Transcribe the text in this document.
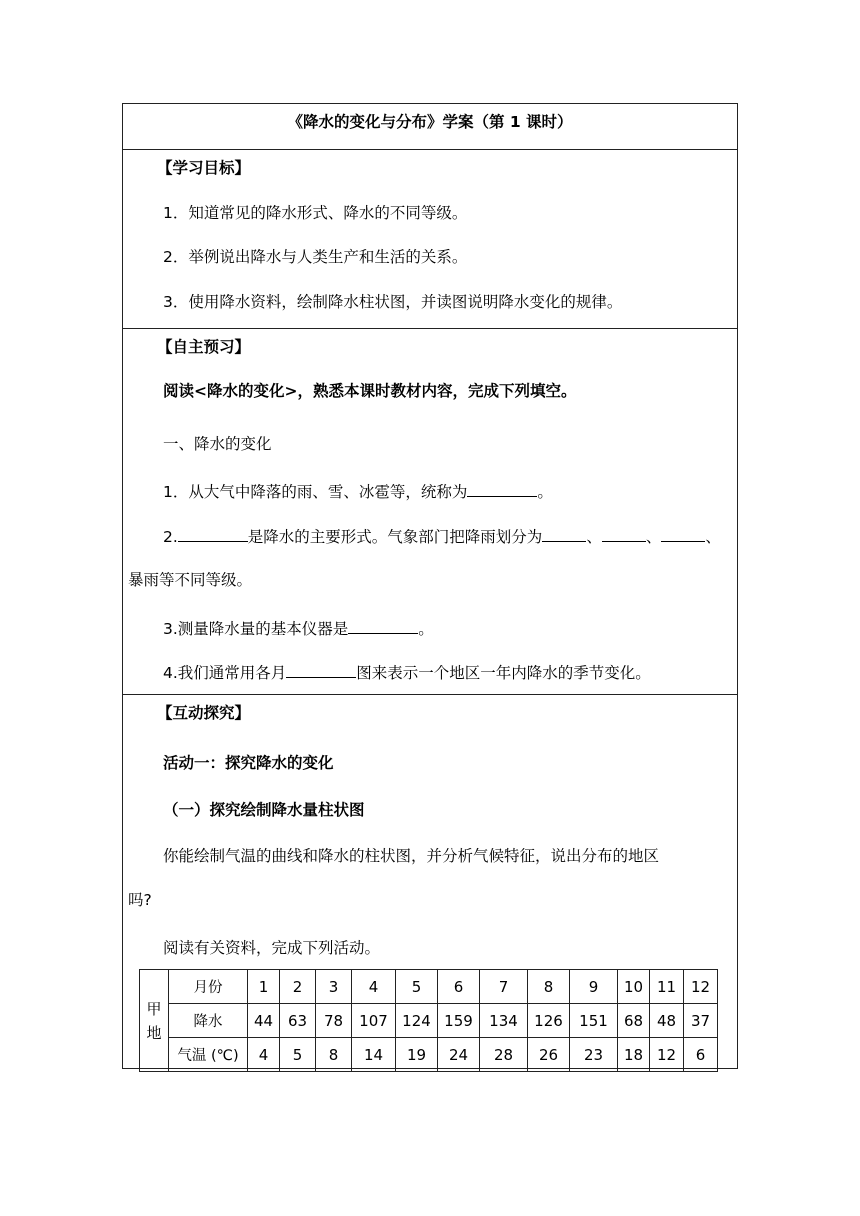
《降水的变化与分布》学案（第 1 课时）
【学习目标】
1．知道常见的降水形式、降水的不同等级。
2．举例说出降水与人类生产和生活的关系。
3．使用降水资料，绘制降水柱状图，并读图说明降水变化的规律。
【自主预习】
阅读<降水的变化>，熟悉本课时教材内容，完成下列填空。
一、降水的变化
1．从大气中降落的雨、雪、冰雹等，统称为	。
2.	是降水的主要形式。气象部门把降雨划分为	、	、	、
暴雨等不同等级。
3.测量降水量的基本仪器是	。
4.我们通常用各月	图来表示一个地区一年内降水的季节变化。
【互动探究】
活动一：探究降水的变化
（一）探究绘制降水量柱状图
你能绘制气温的曲线和降水的柱状图，并分析气候特征，说出分布的地区
吗?
阅读有关资料，完成下列活动。
甲地	月份	1	2	3	4	5	6	7	8	9	10	11	12
	降水	44	63	78	107	124	159	134	126	151	68	48	37
	气温 (℃)	4	5	8	14	19	24	28	26	23	18	12	6
